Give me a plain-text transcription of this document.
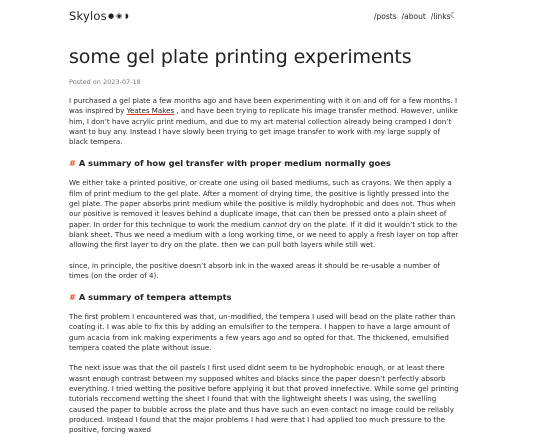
Skylos ● ◉ ◗	/posts /about /links ☾
some gel plate printing experiments
Posted on 2023-07-18

I purchased a gel plate a few months ago and have been experimenting with it on and off for a few months. I was inspired by Yeates Makes , and have been trying to replicate his image transfer method. However, unlike him, I don’t have acrylic print medium, and due to my art material collection already being cramped I don’t want to buy any. Instead I have slowly been trying to get image transfer to work with my large supply of black tempera.

# A summary of how gel transfer with proper medium normally goes

We either take a printed positive, or create one using oil based mediums, such as crayons. We then apply a film of print medium to the gel plate. After a moment of drying time, the positive is lightly pressed into the gel plate. The paper absorbs print medium while the positive is mildly hydrophobic and does not. Thus when our positive is removed it leaves behind a duplicate image, that can then be pressed onto a plain sheet of paper. In order for this technique to work the medium cannot dry on the plate. If it did it wouldn’t stick to the blank sheet. Thus we need a medium with a long working time, or we need to apply a fresh layer on top after allowing the first layer to dry on the plate. then we can pull both layers while still wet.

since, in principle, the positive doesn’t absorb ink in the waxed areas it should be re-usable a number of times (on the order of 4).

# A summary of tempera attempts

The first problem I encountered was that, un-modified, the tempera I used will bead on the plate rather than coating it. I was able to fix this by adding an emulsifier to the tempera. I happen to have a large amount of gum acacia from ink making experiments a few years ago and so opted for that. The thickened, emulsified tempera coated the plate without issue.

The next issue was that the oil pastels I first used didnt seem to be hydrophobic enough, or at least there wasnt enough contrast between my supposed whites and blacks since the paper doesn’t perfectly absorb everything. I tried wetting the positive before applying it but that proved innefective. While some gel printing tutorials reccomend wetting the sheet I found that with the lightweight sheets I was using, the swelling caused the paper to bubble across the plate and thus have such an even contact no image could be reliably produced. Instead I found that the major problems I had were that I had applied too much pressure to the positive, forcing waxed
